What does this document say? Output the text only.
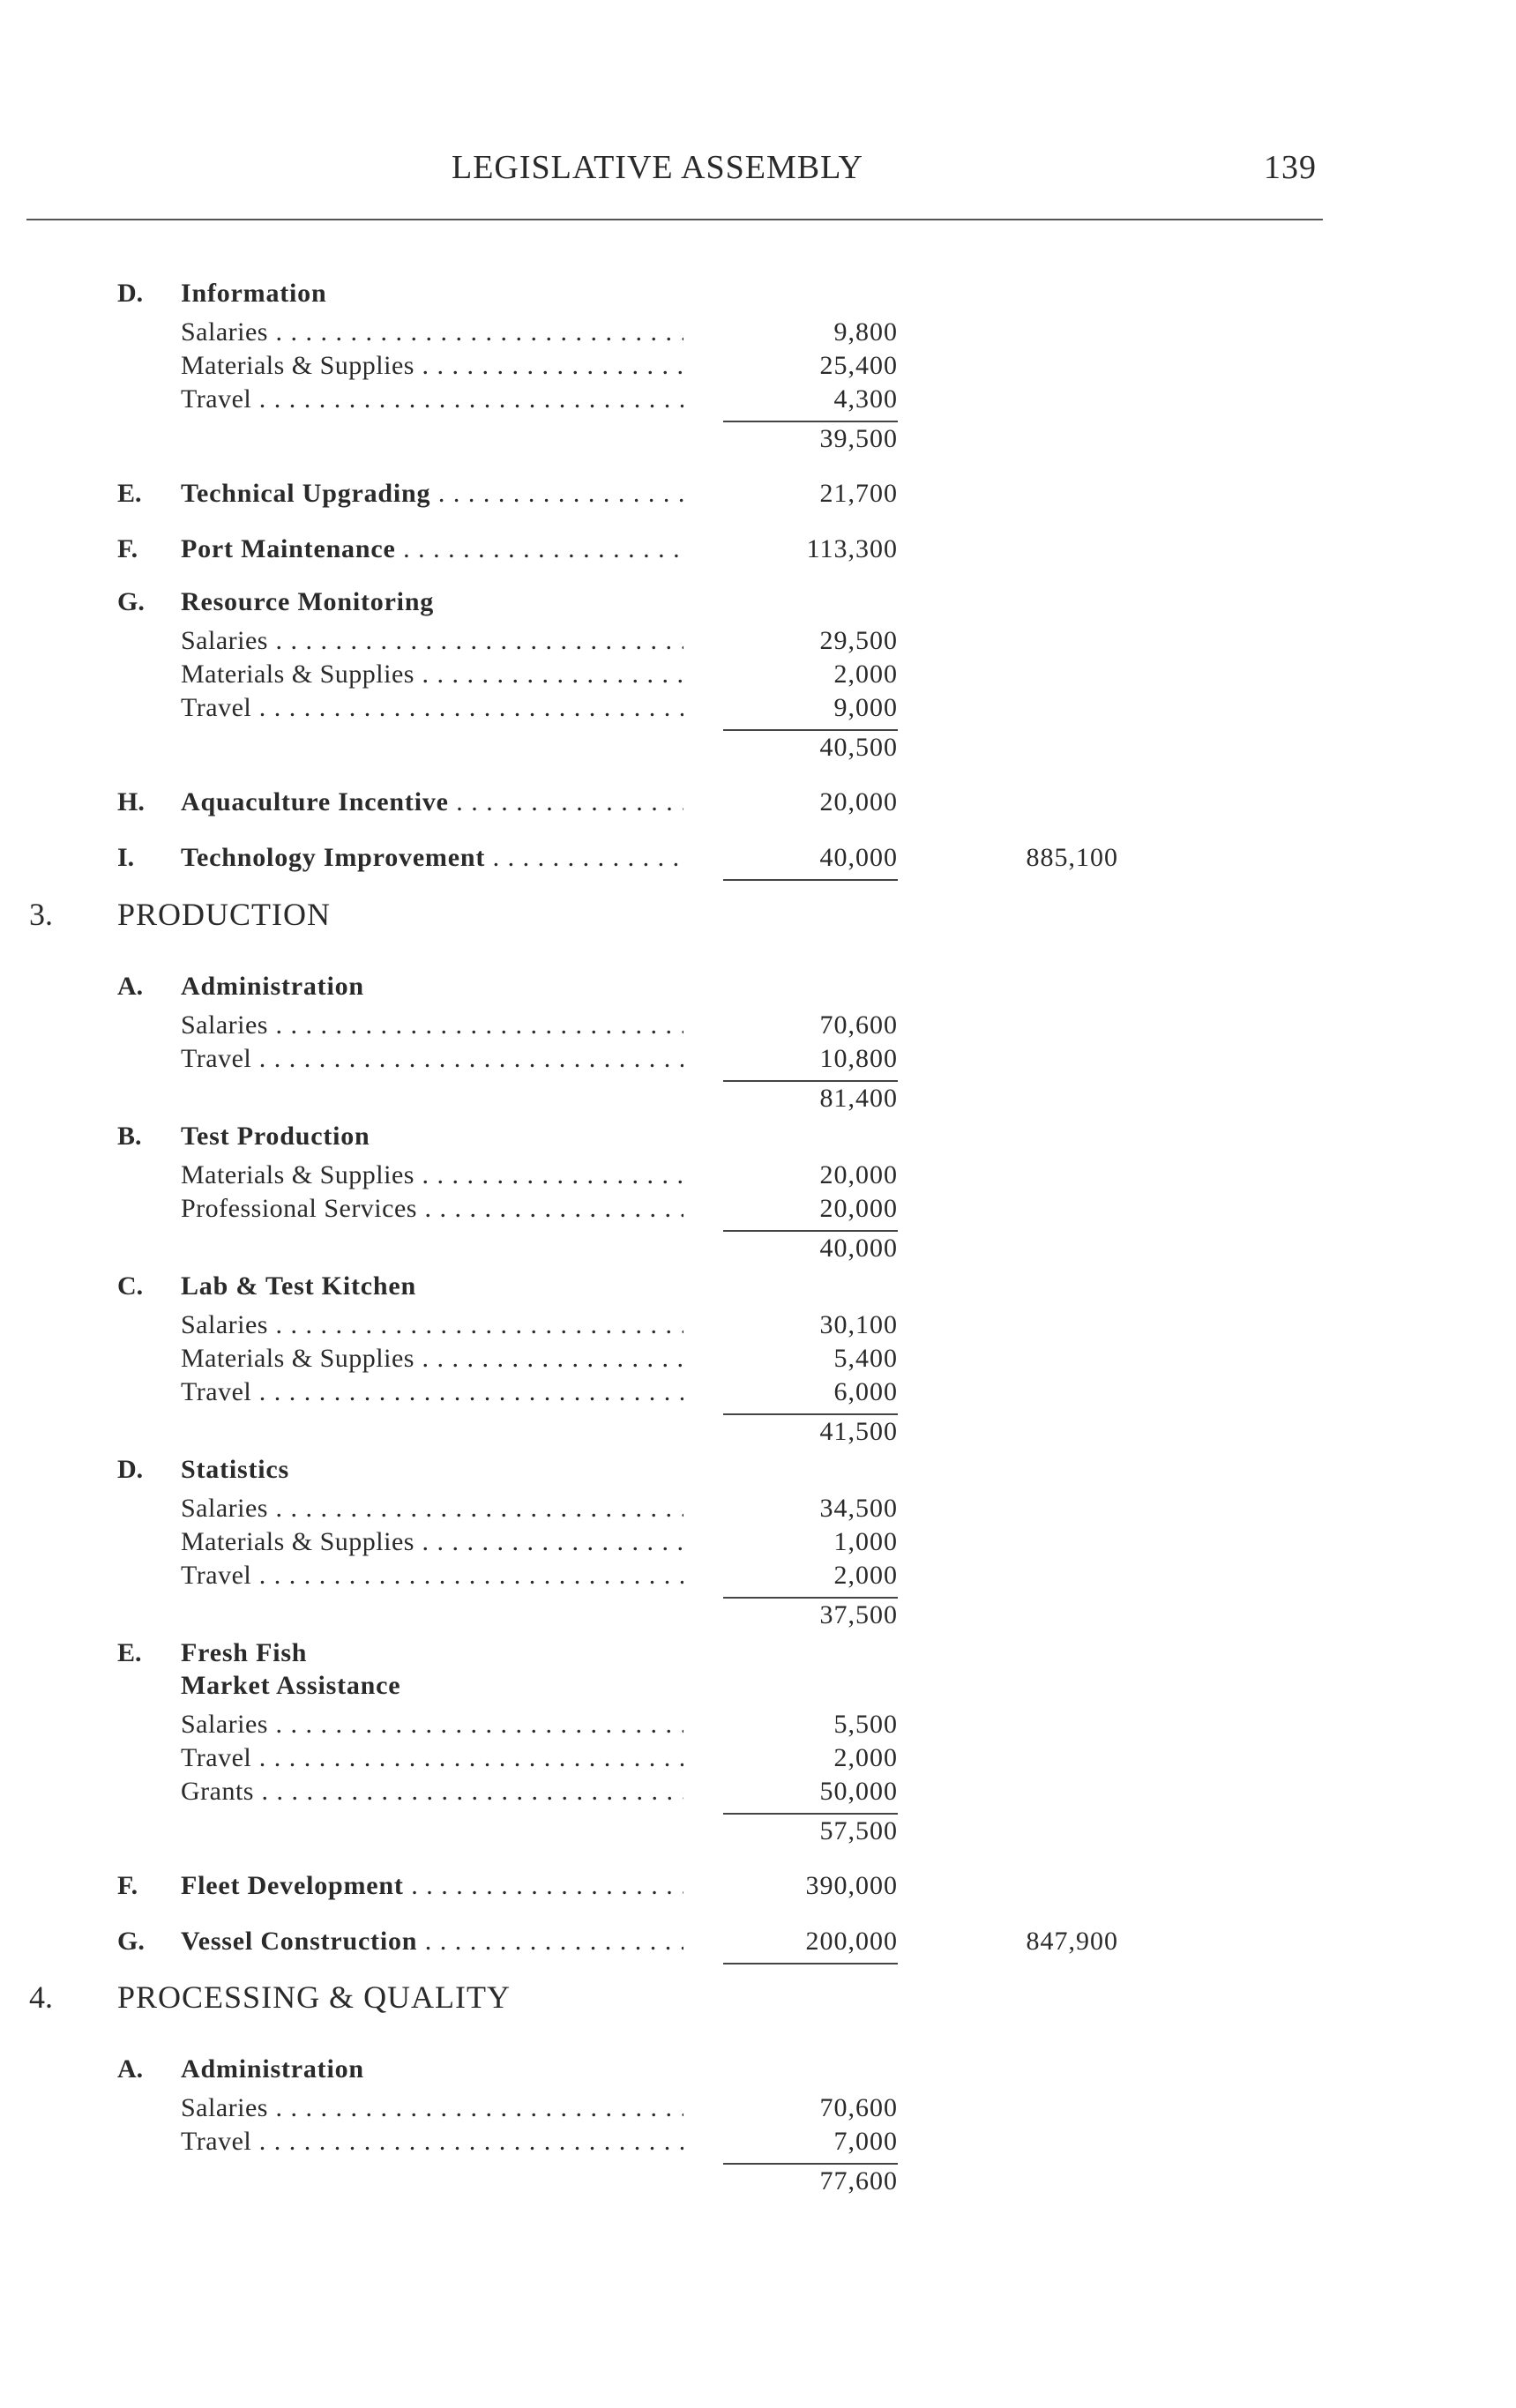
LEGISLATIVE ASSEMBLY	139
D. Information
Salaries . . .	9,800
Materials & Supplies . . .	25,400
Travel . . .	4,300
39,500
E. Technical Upgrading . . .	21,700
F. Port Maintenance . . .	113,300
G. Resource Monitoring
Salaries . . .	29,500
Materials & Supplies . . .	2,000
Travel . . .	9,000
40,500
H. Aquaculture Incentive . . .	20,000
I. Technology Improvement . . .	40,000	885,100
3. PRODUCTION
A. Administration
Salaries . . .	70,600
Travel . . .	10,800
81,400
B. Test Production
Materials & Supplies . . .	20,000
Professional Services . . .	20,000
40,000
C. Lab & Test Kitchen
Salaries . . .	30,100
Materials & Supplies . . .	5,400
Travel . . .	6,000
41,500
D. Statistics
Salaries . . .	34,500
Materials & Supplies . . .	1,000
Travel . . .	2,000
37,500
E. Fresh Fish
Market Assistance
Salaries . . .	5,500
Travel . . .	2,000
Grants . . .	50,000
57,500
F. Fleet Development . . .	390,000
G. Vessel Construction . . .	200,000	847,900
4. PROCESSING & QUALITY
A. Administration
Salaries . . .	70,600
Travel . . .	7,000
77,600
